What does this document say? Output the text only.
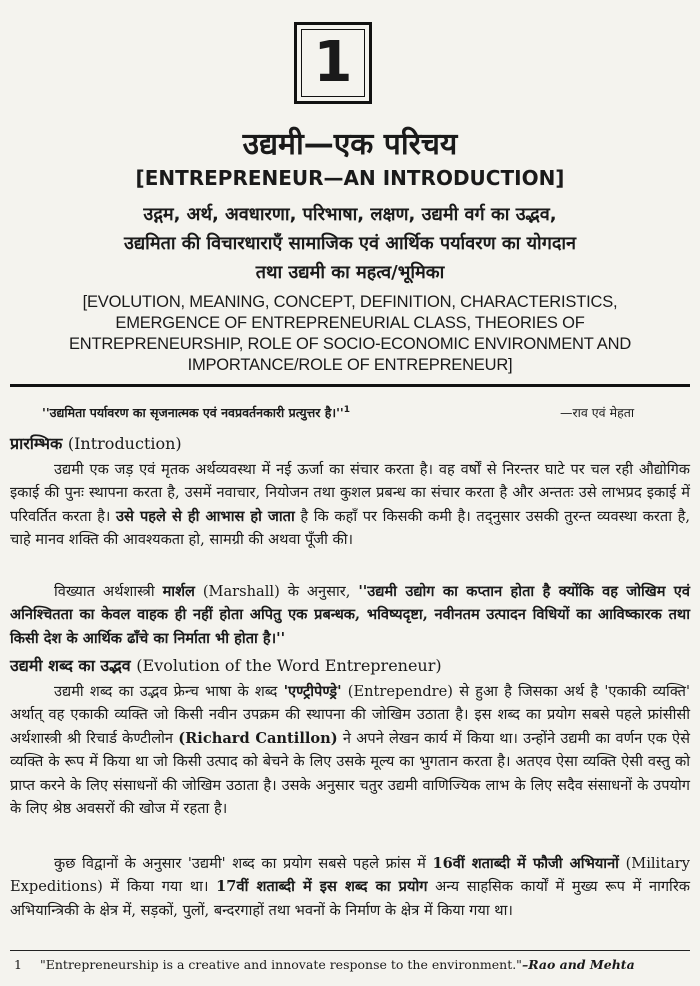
1
उद्यमी—एक परिचय
[ENTREPRENEUR—AN INTRODUCTION]
उद्गम, अर्थ, अवधारणा, परिभाषा, लक्षण, उद्यमी वर्ग का उद्भव,
उद्यमिता की विचारधाराएँ सामाजिक एवं आर्थिक पर्यावरण का योगदान
तथा उद्यमी का महत्व/भूमिका
[EVOLUTION, MEANING, CONCEPT, DEFINITION, CHARACTERISTICS,
EMERGENCE OF ENTREPRENEURIAL CLASS, THEORIES OF
ENTREPRENEURSHIP, ROLE OF SOCIO-ECONOMIC ENVIRONMENT AND
IMPORTANCE/ROLE OF ENTREPRENEUR]
''उद्यमिता पर्यावरण का सृजनात्मक एवं नवप्रवर्तनकारी प्रत्युत्तर $है।''^1$	—राव एवं मेहता
प्रारम्भिक (Introduction)

उद्यमी एक जड़ एवं मृतक अर्थव्यवस्था में नई ऊर्जा का संचार करता है। वह वर्षों से निरन्तर घाटे पर चल रही औद्योगिक इकाई की पुनः स्थापना करता है, उसमें नवाचार, नियोजन तथा कुशल प्रबन्ध का संचार करता है और अन्ततः उसे लाभप्रद इकाई में परिवर्तित करता है। उसे पहले से ही आभास हो जाता है कि कहाँ पर किसकी कमी है। तद्नुसार उसकी तुरन्त व्यवस्था करता है, चाहे मानव शक्ति की आवश्यकता हो, सामग्री की अथवा पूँजी की।

विख्यात अर्थशास्त्री मार्शल (Marshall) के अनुसार, ''उद्यमी उद्योग का कप्तान होता है क्योंकि वह जोखिम एवं अनिश्चितता का केवल वाहक ही नहीं होता अपितु एक प्रबन्धक, भविष्यदृष्टा, नवीनतम उत्पादन विधियों का आविष्कारक तथा किसी देश के आर्थिक ढाँचे का निर्माता भी होता है।''

उद्यमी शब्द का उद्भव (Evolution of the Word Entrepreneur)

उद्यमी शब्द का उद्भव फ्रेन्च भाषा के शब्द 'एण्ट्रीपेण्ड्रे' (Entrependre) से हुआ है जिसका अर्थ है 'एकाकी व्यक्ति' अर्थात् वह एकाकी व्यक्ति जो किसी नवीन उपक्रम की स्थापना की जोखिम उठाता है। इस शब्द का प्रयोग सबसे पहले फ्रांसीसी अर्थशास्त्री श्री रिचार्ड केण्टीलोन (Richard Cantillon) ने अपने लेखन कार्य में किया था। उन्होंने उद्यमी का वर्णन एक ऐसे व्यक्ति के रूप में किया था जो किसी उत्पाद को बेचने के लिए उसके मूल्य का भुगतान करता है। अतएव ऐसा व्यक्ति ऐसी वस्तु को प्राप्त करने के लिए संसाधनों की जोखिम उठाता है। उसके अनुसार चतुर उद्यमी वाणिज्यिक लाभ के लिए सदैव संसाधनों के उपयोग के लिए श्रेष्ठ अवसरों की खोज में रहता है।

कुछ विद्वानों के अनुसार 'उद्यमी' शब्द का प्रयोग सबसे पहले फ्रांस में 16वीं शताब्दी में फौजी अभियानों (Military Expeditions) में किया गया था। 17वीं शताब्दी में इस शब्द का प्रयोग अन्य साहसिक कार्यों में मुख्य रूप में नागरिक अभियान्त्रिकी के क्षेत्र में, सड़कों, पुलों, बन्दरगाहों तथा भवनों के निर्माण के क्षेत्र में किया गया था।

1 "Entrepreneurship is a creative and innovate response to the environment."–Rao and Mehta
